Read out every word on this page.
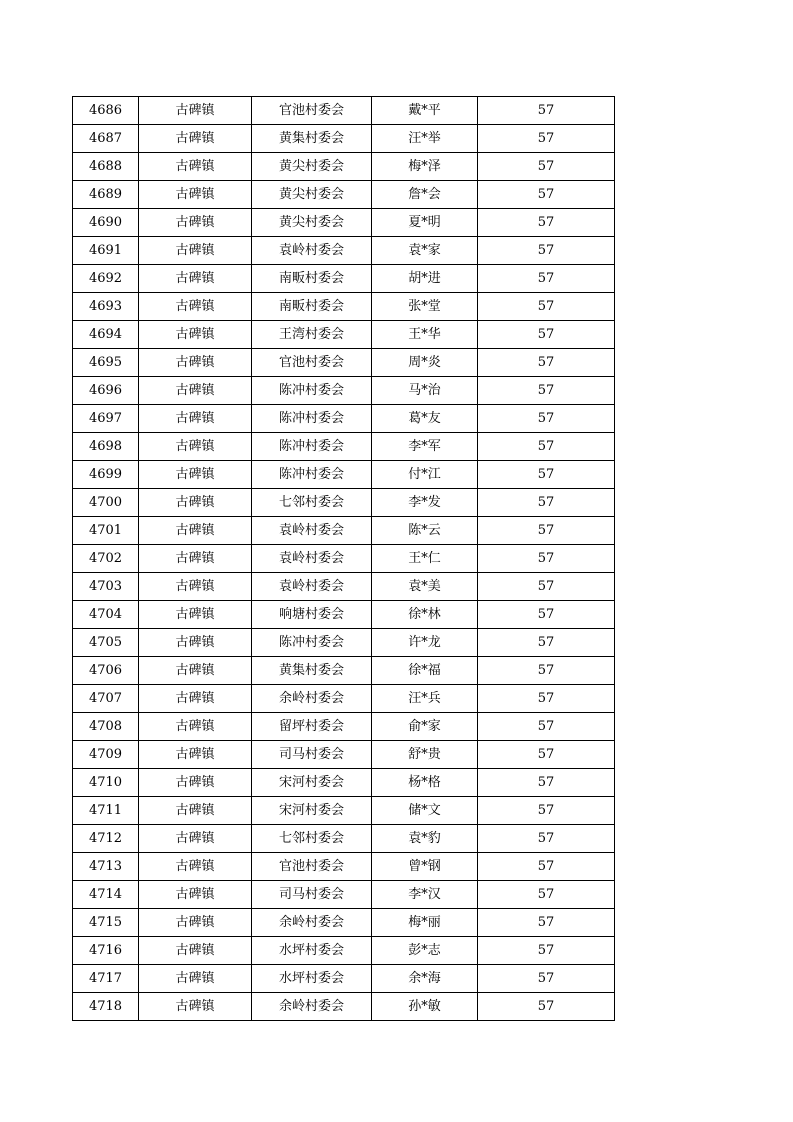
4686	古碑镇	官池村委会	戴*平	57
4687	古碑镇	黄集村委会	汪*举	57
4688	古碑镇	黄尖村委会	梅*泽	57
4689	古碑镇	黄尖村委会	詹*会	57
4690	古碑镇	黄尖村委会	夏*明	57
4691	古碑镇	袁岭村委会	袁*家	57
4692	古碑镇	南畈村委会	胡*进	57
4693	古碑镇	南畈村委会	张*堂	57
4694	古碑镇	王湾村委会	王*华	57
4695	古碑镇	官池村委会	周*炎	57
4696	古碑镇	陈冲村委会	马*治	57
4697	古碑镇	陈冲村委会	葛*友	57
4698	古碑镇	陈冲村委会	李*军	57
4699	古碑镇	陈冲村委会	付*江	57
4700	古碑镇	七邻村委会	李*发	57
4701	古碑镇	袁岭村委会	陈*云	57
4702	古碑镇	袁岭村委会	王*仁	57
4703	古碑镇	袁岭村委会	袁*美	57
4704	古碑镇	响塘村委会	徐*林	57
4705	古碑镇	陈冲村委会	许*龙	57
4706	古碑镇	黄集村委会	徐*福	57
4707	古碑镇	余岭村委会	汪*兵	57
4708	古碑镇	留坪村委会	俞*家	57
4709	古碑镇	司马村委会	舒*贵	57
4710	古碑镇	宋河村委会	杨*格	57
4711	古碑镇	宋河村委会	储*文	57
4712	古碑镇	七邻村委会	袁*豹	57
4713	古碑镇	官池村委会	曾*钢	57
4714	古碑镇	司马村委会	李*汉	57
4715	古碑镇	余岭村委会	梅*丽	57
4716	古碑镇	水坪村委会	彭*志	57
4717	古碑镇	水坪村委会	余*海	57
4718	古碑镇	余岭村委会	孙*敏	57
